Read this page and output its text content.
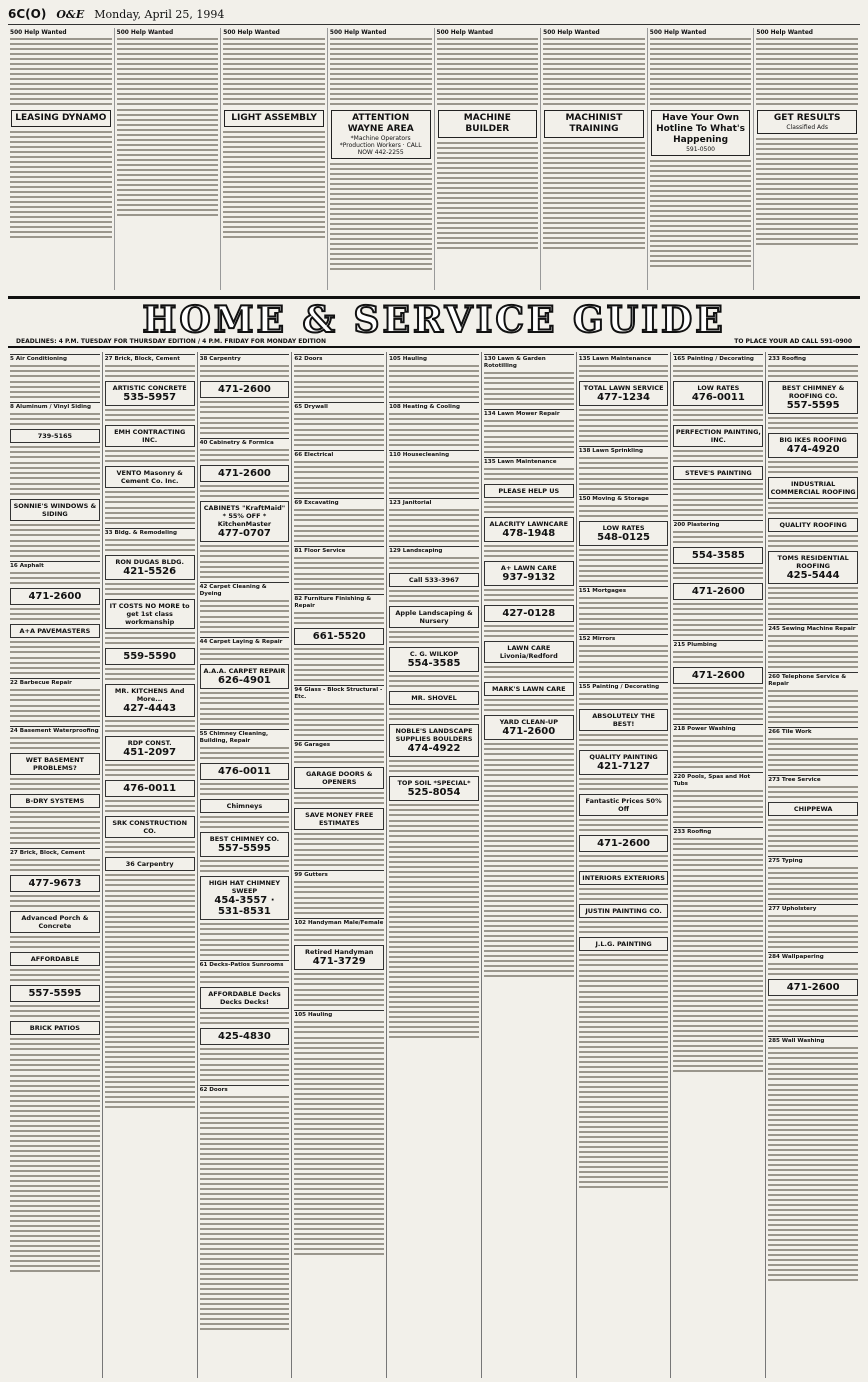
6C(O) O&E Monday, April 25, 1994
500 Help Wanted
LEASING DYNAMO
500 Help Wanted	500 Help Wanted
LIGHT ASSEMBLY
500 Help Wanted
ATTENTION WAYNE AREA
*Machine Operators *Production Workers · CALL NOW 442-2255
500 Help Wanted
MACHINE BUILDER
500 Help Wanted
MACHINIST TRAINING
500 Help Wanted
Have Your Own Hotline To What's Happening
591-0500
500 Help Wanted
GET RESULTS
Classified Ads
HOME & SERVICE GUIDE
DEADLINES: 4 P.M. TUESDAY FOR THURSDAY EDITION / 4 P.M. FRIDAY FOR MONDAY EDITION	TO PLACE YOUR AD CALL 591-0900
5 Air Conditioning
8 Aluminum / Vinyl Siding
739-5165
SONNIE'S WINDOWS & SIDING
16 Asphalt
471-2600
A+A PAVEMASTERS
22 Barbecue Repair
24 Basement Waterproofing
WET BASEMENT PROBLEMS?
B-DRY SYSTEMS
27 Brick, Block, Cement
477-9673
Advanced Porch & Concrete
AFFORDABLE
557-5595
BRICK PATIOS
27 Brick, Block, Cement
ARTISTIC CONCRETE
535-5957
EMH CONTRACTING INC.
VENTO Masonry & Cement Co. Inc.
33 Bldg. & Remodeling
RON DUGAS BLDG.
421-5526
IT COSTS NO MORE to get 1st class workmanship
559-5590
MR. KITCHENS And More...
427-4443
RDP CONST.
451-2097
476-0011
SRK CONSTRUCTION CO.
36 Carpentry
38 Carpentry
471-2600
40 Cabinetry & Formica
471-2600
CABINETS "KraftMaid" * 55% OFF * KitchenMaster
477-0707
42 Carpet Cleaning & Dyeing
44 Carpet Laying & Repair
A.A.A. CARPET REPAIR
626-4901
55 Chimney Cleaning, Building, Repair
476-0011
Chimneys
BEST CHIMNEY CO.
557-5595
HIGH HAT CHIMNEY SWEEP
454-3557 · 531-8531
61 Decks-Patios Sunrooms
AFFORDABLE Decks Decks Decks!
425-4830
62 Doors
62 Doors
65 Drywall
66 Electrical
69 Excavating
81 Floor Service
82 Furniture Finishing & Repair
661-5520
94 Glass - Block Structural - Etc.
96 Garages
GARAGE DOORS & OPENERS
SAVE MONEY FREE ESTIMATES
99 Gutters
102 Handyman Male/Female
Retired Handyman
471-3729
105 Hauling
105 Hauling
108 Heating & Cooling
110 Housecleaning
123 Janitorial
129 Landscaping
Call 533-3967
Apple Landscaping & Nursery
C. G. WILKOP
554-3585
MR. SHOVEL
NOBLE'S LANDSCAPE SUPPLIES BOULDERS
474-4922
TOP SOIL *SPECIAL*
525-8054
130 Lawn & Garden Rototilling
134 Lawn Mower Repair
135 Lawn Maintenance
PLEASE HELP US
ALACRITY LAWNCARE
478-1948
A+ LAWN CARE
937-9132
427-0128
LAWN CARE Livonia/Redford
MARK'S LAWN CARE
YARD CLEAN-UP
471-2600
135 Lawn Maintenance
TOTAL LAWN SERVICE
477-1234
138 Lawn Sprinkling
150 Moving & Storage
LOW RATES
548-0125
151 Mortgages
152 Mirrors
155 Painting / Decorating
ABSOLUTELY THE BEST!
QUALITY PAINTING
421-7127
Fantastic Prices 50% Off
471-2600
INTERIORS EXTERIORS
JUSTIN PAINTING CO.
J.L.G. PAINTING
165 Painting / Decorating
LOW RATES
476-0011
PERFECTION PAINTING, INC.
STEVE'S PAINTING
200 Plastering
554-3585
471-2600
215 Plumbing
471-2600
218 Power Washing
220 Pools, Spas and Hot Tubs
233 Roofing
233 Roofing
BEST CHIMNEY & ROOFING CO.
557-5595
BIG IKES ROOFING
474-4920
INDUSTRIAL COMMERCIAL ROOFING
QUALITY ROOFING
TOMS RESIDENTIAL ROOFING
425-5444
245 Sewing Machine Repair
260 Telephone Service & Repair
266 Tile Work
273 Tree Service
CHIPPEWA
275 Typing
277 Upholstery
284 Wallpapering
471-2600
285 Wall Washing
